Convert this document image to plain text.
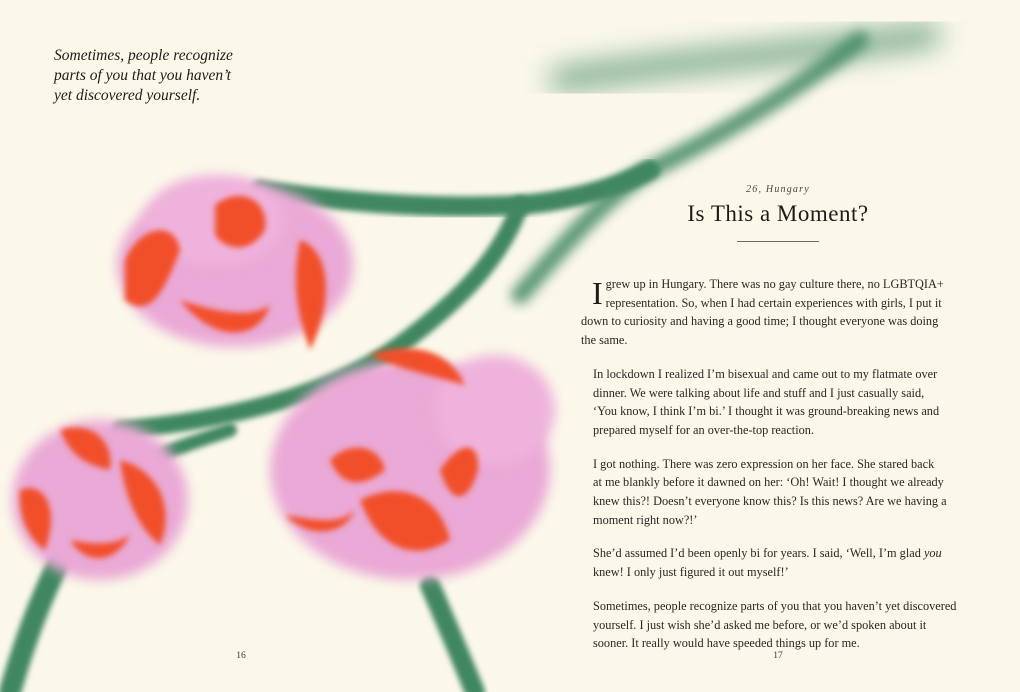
Sometimes, people recognize
parts of you that you haven’t
yet discovered yourself.
26, Hungary
Is This a Moment?

I grew up in Hungary. There was no gay culture there, no LGBTQIA+
representation. So, when I had certain experiences with girls, I put it
down to curiosity and having a good time; I thought everyone was doing
the same.

In lockdown I realized I’m bisexual and came out to my flatmate over
dinner. We were talking about life and stuff and I just casually said,
‘You know, I think I’m bi.’ I thought it was ground-breaking news and
prepared myself for an over-the-top reaction.

I got nothing. There was zero expression on her face. She stared back
at me blankly before it dawned on her: ‘Oh! Wait! I thought we already
knew this?! Doesn’t everyone know this? Is this news? Are we having a
moment right now?!’

She’d assumed I’d been openly bi for years. I said, ‘Well, I’m glad you
knew! I only just figured it out myself!’

Sometimes, people recognize parts of you that you haven’t yet discovered
yourself. I just wish she’d asked me before, or we’d spoken about it
sooner. It really would have speeded things up for me.

16	17
